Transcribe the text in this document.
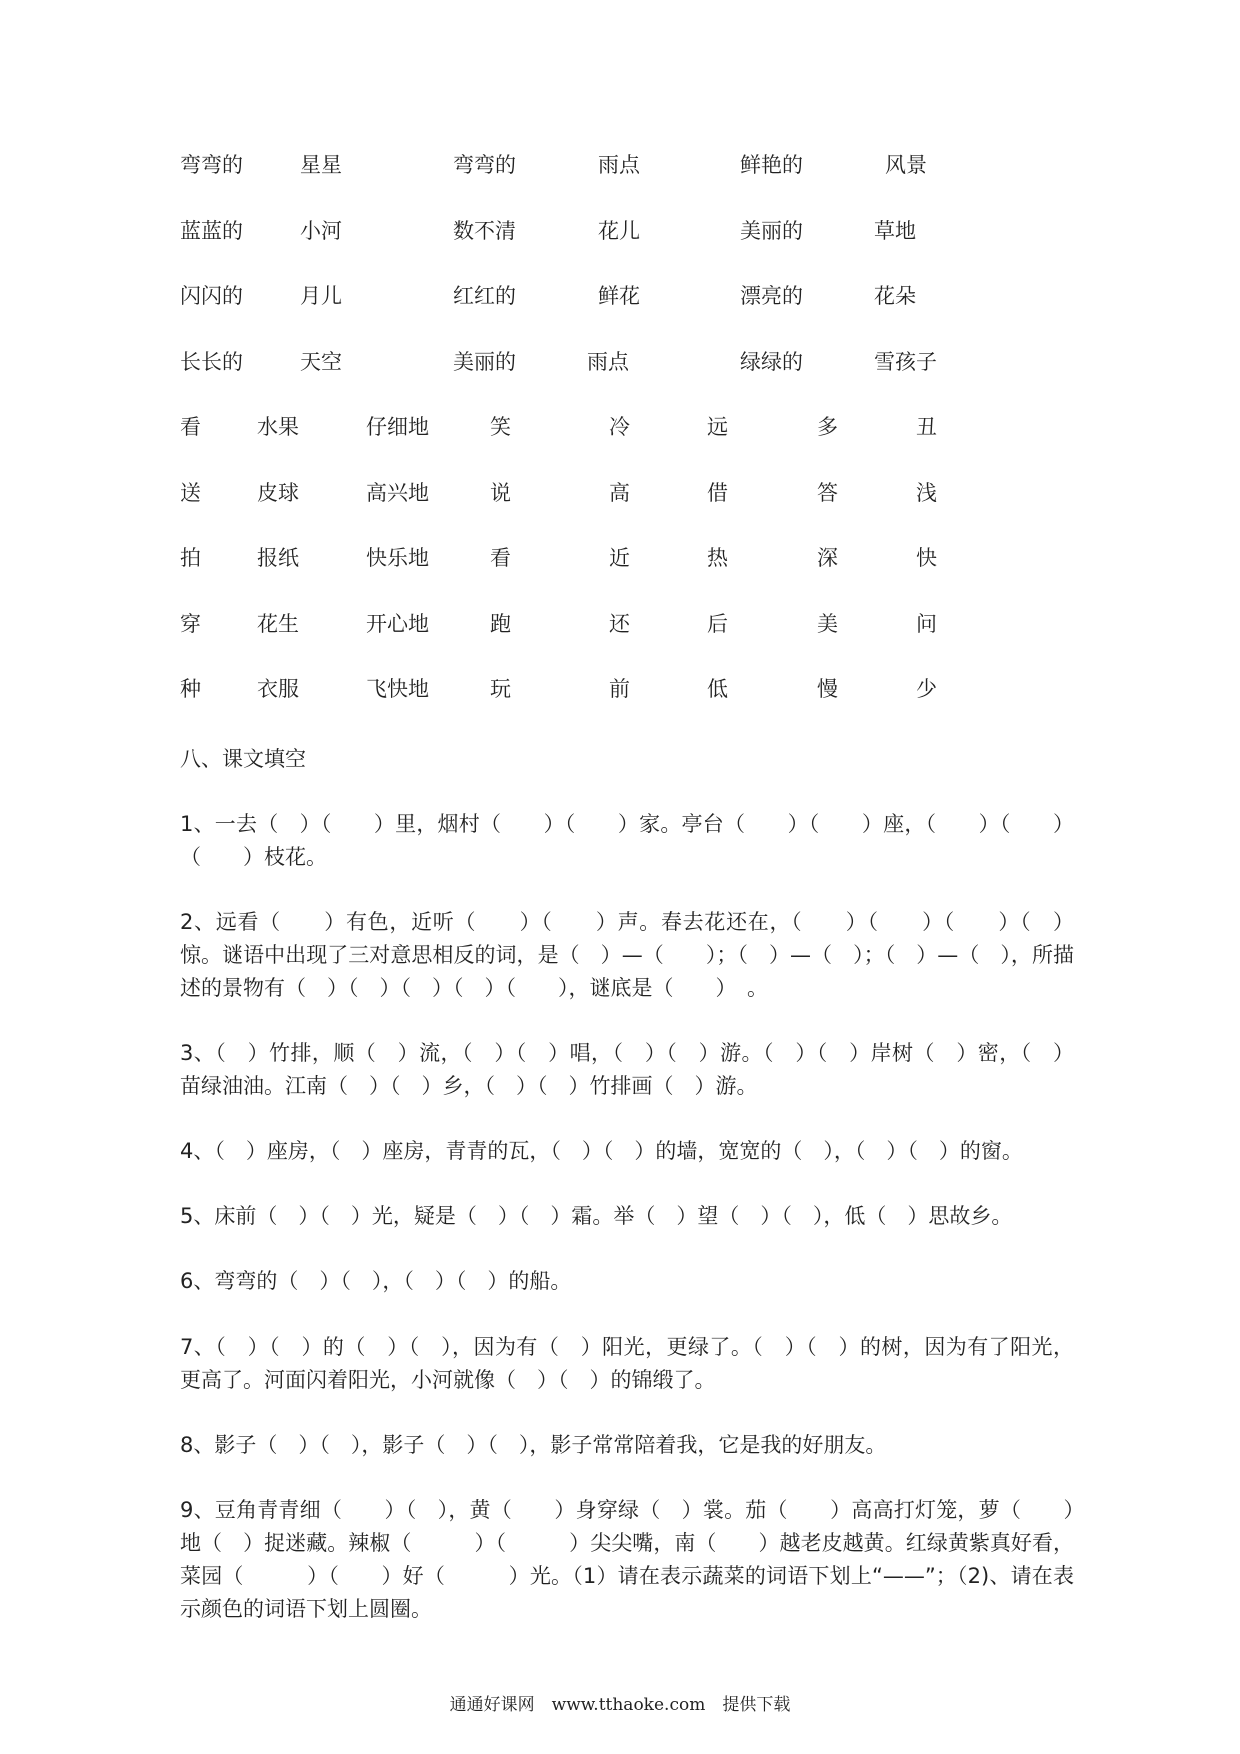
弯弯的	星星	弯弯的	雨点	鲜艳的	风景
蓝蓝的	小河	数不清	花儿	美丽的	草地
闪闪的	月儿	红红的	鲜花	漂亮的	花朵
长长的	天空	美丽的	雨点	绿绿的	雪孩子
看	水果	仔细地	笑	冷	远	多	丑
送	皮球	高兴地	说	高	借	答	浅
拍	报纸	快乐地	看	近	热	深	快
穿	花生	开心地	跑	还	后	美	问
种	衣服	飞快地	玩	前	低	慢	少
八、课文填空
1、一去（　）（　　）里，烟村（　　）（　　）家。亭台（　　）（　　）座，（　　）（　　）（　　）枝花。
2、远看（　　）有色，近听（　　）（　　）声。春去花还在，（　　）（　　）（　　）（　）惊。谜语中出现了三对意思相反的词，是（　）—（　　）；（　）—（　）；（　）—（　），所描述的景物有（　）（　）（　）（　）（　　），谜底是（　　）　。
3、（　）竹排，顺（　）流，（　）（　）唱，（　）（　）游。（　）（　）岸树（　）密，（　）苗绿油油。江南（　）（　）乡，（　）（　）竹排画（　）游。
4、（　）座房，（　）座房，青青的瓦，（　）（　）的墙，宽宽的（　），（　）（　）的窗。
5、床前（　）（　）光，疑是（　）（　）霜。举（　）望（　）（　），低（　）思故乡。
6、弯弯的（　）（　），（　）（　）的船。
7、（　）（　）的（　）（　），因为有（　）阳光，更绿了。（　）（　）的树，因为有了阳光，更高了。河面闪着阳光，小河就像（　）（　）的锦缎了。
8、影子（　）（　），影子（　）（　），影子常常陪着我，它是我的好朋友。
9、豆角青青细（　　）（　），黄（　　）身穿绿（　）裳。茄（　　）高高打灯笼，萝（　　）地（　）捉迷藏。辣椒（　　　）（　　　）尖尖嘴，南（　　）越老皮越黄。红绿黄紫真好看，菜园（　　　）（　　）好（　　　）光。（1）请在表示蔬菜的词语下划上“——”；（2)、请在表示颜色的词语下划上圆圈。
通通好课网　www.tthaoke.com　提供下载
